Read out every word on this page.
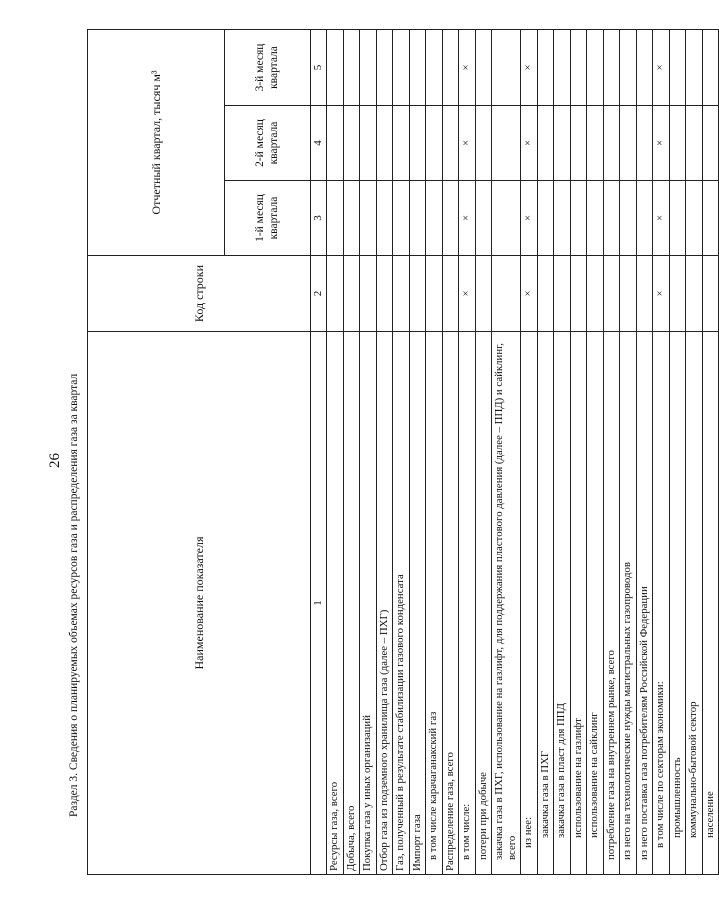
26 Раздел 3. Сведения о планируемых объемах ресурсов газа и распределения газа за квартал	Наименование показателя	Код строки	Отчетный квартал, тысяч м³		
		1-й месяц квартала	2-й месяц квартала	3-й месяц квартала
1	2	3	4	5
Ресурсы газа, всего				
Добыча, всего				
Покупка газа у иных организаций				
Отбор газа из подземного хранилища газа (далее – ПХГ)				
Газ, полученный в результате стабилизации газового конденсата				
Импорт газа				
в том числе карачаганакский газ				
Распределение газа, всего				
в том числе:	×	×	×	×
потери при добыче				
закачка газа в ПХГ, использование на газлифт, для поддержания пластового давления (далее – ППД) и сайклинг, всего				
из нее:	×	×	×	×
закачка газа в ПХГ				
закачка газа в пласт для ППД				
использование на газлифт				
использование на сайклинг				
потребление газа на внутреннем рынке, всего				
из него на технологические нужды магистральных газопроводов				
из него поставка газа потребителям Российской Федерации				
в том числе по секторам экономики:	×	×	×	×
промышленность				
коммунально-бытовой сектор				
население				
